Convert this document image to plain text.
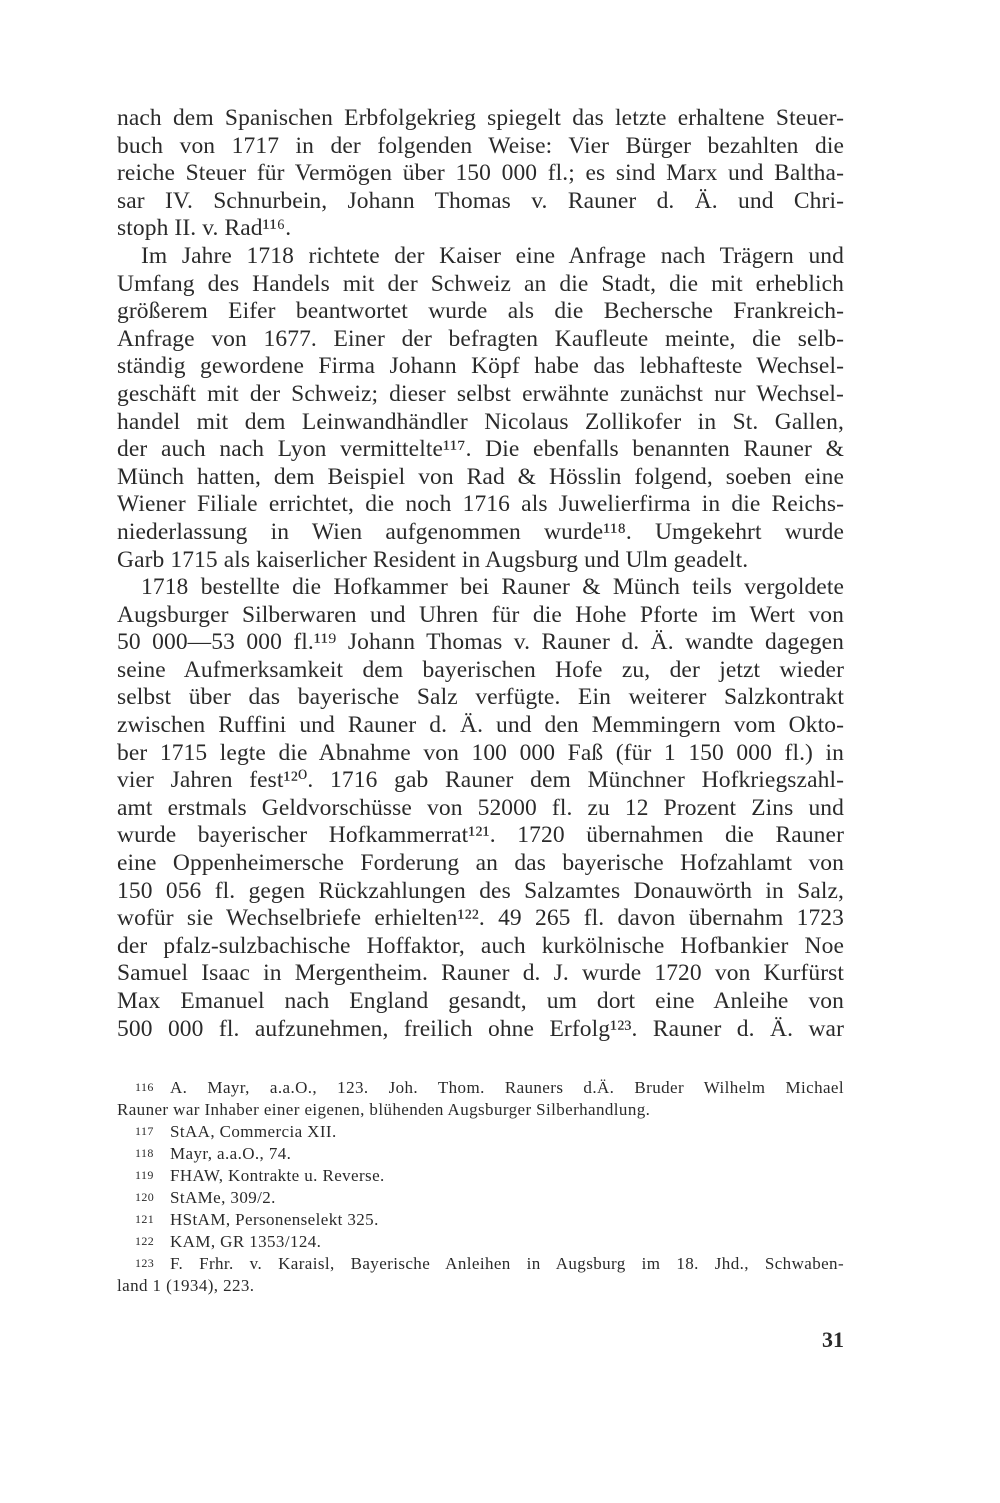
nach dem Spanischen Erbfolgekrieg spiegelt das letzte erhaltene Steuer-
buch von 1717 in der folgenden Weise: Vier Bürger bezahlten die
reiche Steuer für Vermögen über 150 000 fl.; es sind Marx und Baltha-
sar IV. Schnurbein, Johann Thomas v. Rauner d. Ä. und Chri-
stoph II. v. Rad¹¹⁶.
Im Jahre 1718 richtete der Kaiser eine Anfrage nach Trägern und
Umfang des Handels mit der Schweiz an die Stadt, die mit erheblich
größerem Eifer beantwortet wurde als die Bechersche Frankreich-
Anfrage von 1677. Einer der befragten Kaufleute meinte, die selb-
ständig gewordene Firma Johann Köpf habe das lebhafteste Wechsel-
geschäft mit der Schweiz; dieser selbst erwähnte zunächst nur Wechsel-
handel mit dem Leinwandhändler Nicolaus Zollikofer in St. Gallen,
der auch nach Lyon vermittelte¹¹⁷. Die ebenfalls benannten Rauner &
Münch hatten, dem Beispiel von Rad & Hösslin folgend, soeben eine
Wiener Filiale errichtet, die noch 1716 als Juwelierfirma in die Reichs-
niederlassung in Wien aufgenommen wurde¹¹⁸. Umgekehrt wurde
Garb 1715 als kaiserlicher Resident in Augsburg und Ulm geadelt.
1718 bestellte die Hofkammer bei Rauner & Münch teils vergoldete
Augsburger Silberwaren und Uhren für die Hohe Pforte im Wert von
50 000—53 000 fl.¹¹⁹ Johann Thomas v. Rauner d. Ä. wandte dagegen
seine Aufmerksamkeit dem bayerischen Hofe zu, der jetzt wieder
selbst über das bayerische Salz verfügte. Ein weiterer Salzkontrakt
zwischen Ruffini und Rauner d. Ä. und den Memmingern vom Okto-
ber 1715 legte die Abnahme von 100 000 Faß (für 1 150 000 fl.) in
vier Jahren fest¹²⁰. 1716 gab Rauner dem Münchner Hofkriegszahl-
amt erstmals Geldvorschüsse von 52000 fl. zu 12 Prozent Zins und
wurde bayerischer Hofkammerrat¹²¹. 1720 übernahmen die Rauner
eine Oppenheimersche Forderung an das bayerische Hofzahlamt von
150 056 fl. gegen Rückzahlungen des Salzamtes Donauwörth in Salz,
wofür sie Wechselbriefe erhielten¹²². 49 265 fl. davon übernahm 1723
der pfalz-sulzbachische Hoffaktor, auch kurkölnische Hofbankier Noe
Samuel Isaac in Mergentheim. Rauner d. J. wurde 1720 von Kurfürst
Max Emanuel nach England gesandt, um dort eine Anleihe von
500 000 fl. aufzunehmen, freilich ohne Erfolg¹²³. Rauner d. Ä. war
116 A. Mayr, a.a.O., 123. Joh. Thom. Rauners d.Ä. Bruder Wilhelm Michael
Rauner war Inhaber einer eigenen, blühenden Augsburger Silberhandlung.
117 StAA, Commercia XII.
118 Mayr, a.a.O., 74.
119 FHAW, Kontrakte u. Reverse.
120 StAMe, 309/2.
121 HStAM, Personenselekt 325.
122 KAM, GR 1353/124.
123 F. Frhr. v. Karaisl, Bayerische Anleihen in Augsburg im 18. Jhd., Schwaben-
land 1 (1934), 223.
31
